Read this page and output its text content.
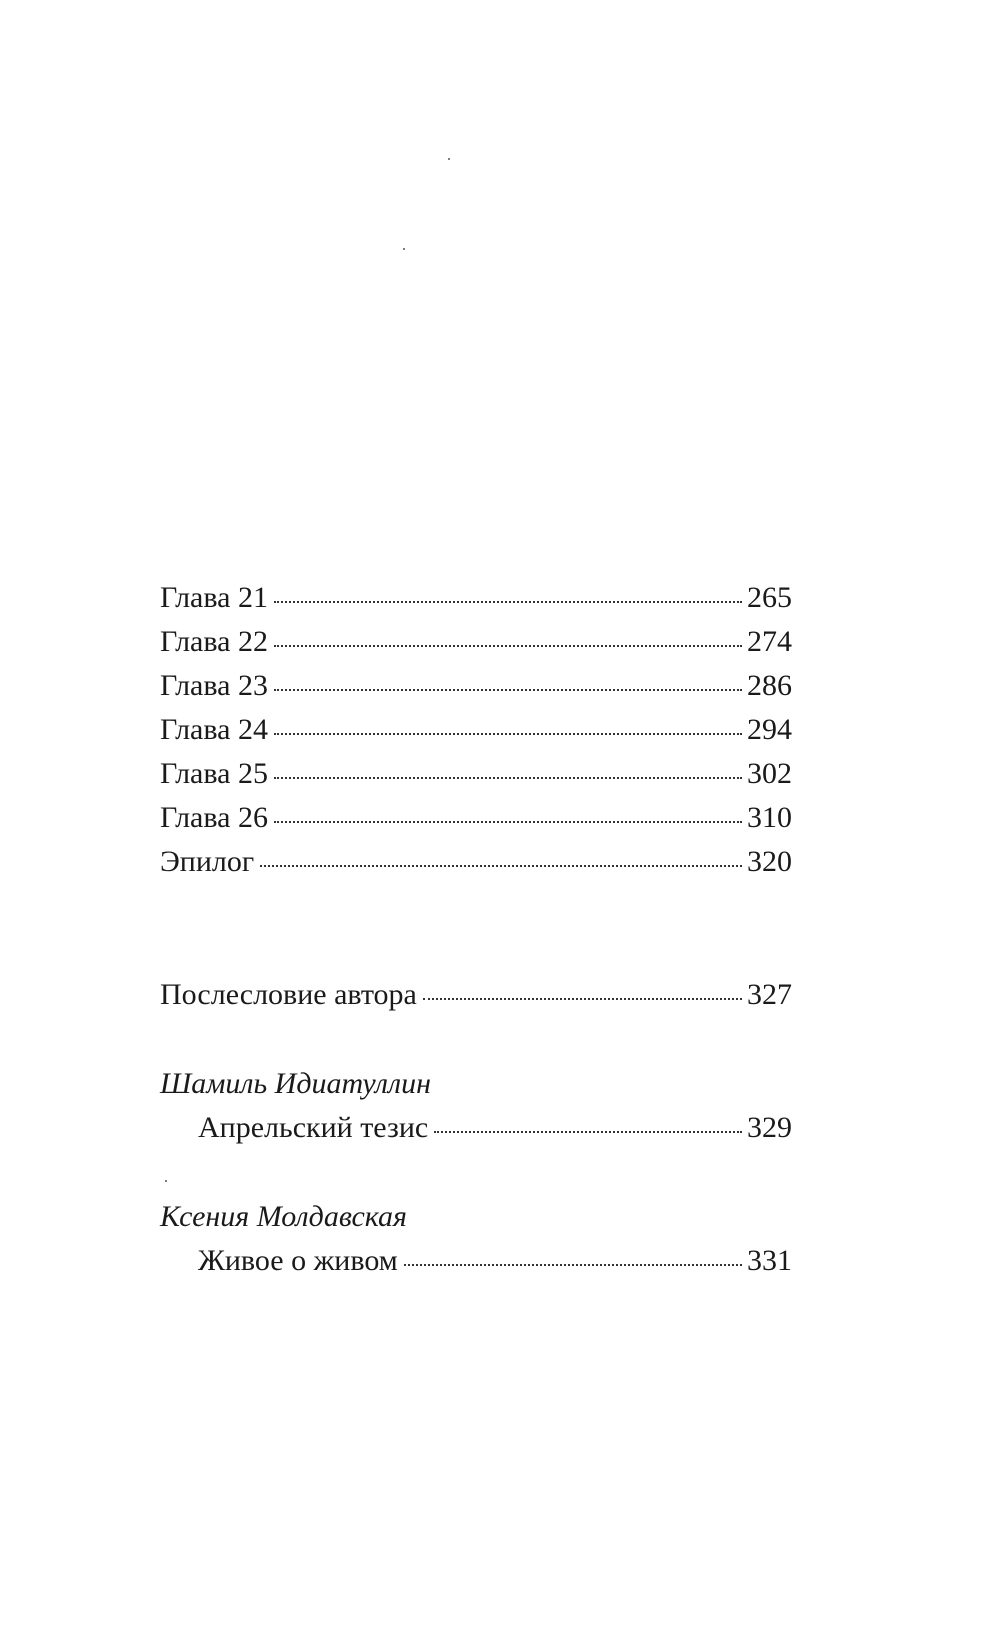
Глава 21	265
Глава 22	274
Глава 23	286
Глава 24	294
Глава 25	302
Глава 26	310
Эпилог	320
Послесловие автора	327
Шамиль Идиатуллин
Апрельский тезис	329
Ксения Молдавская
Живое о живом	331
